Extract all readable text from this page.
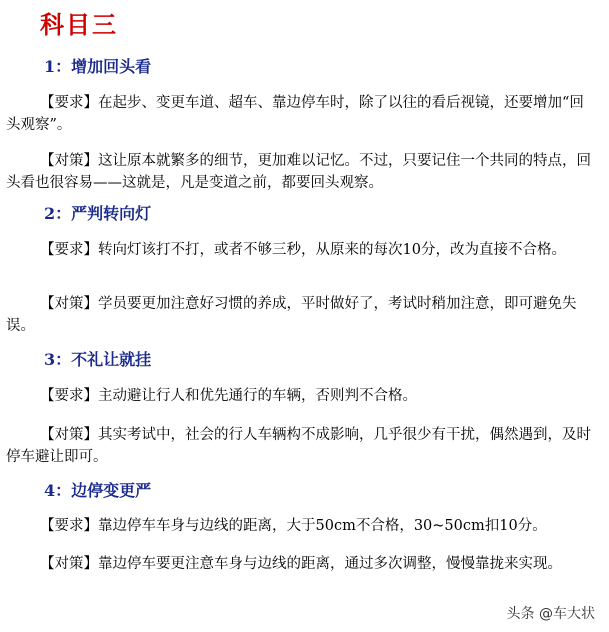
科目三
1：增加回头看
【要求】在起步、变更车道、超车、靠边停车时，除了以往的看后视镜，还要增加“回头观察”。
【对策】这让原本就繁多的细节，更加难以记忆。不过，只要记住一个共同的特点，回头看也很容易——这就是，凡是变道之前，都要回头观察。
2：严判转向灯
【要求】转向灯该打不打，或者不够三秒，从原来的每次10分，改为直接不合格。
【对策】学员要更加注意好习惯的养成，平时做好了，考试时稍加注意，即可避免失误。
3：不礼让就挂
【要求】主动避让行人和优先通行的车辆，否则判不合格。
【对策】其实考试中，社会的行人车辆构不成影响，几乎很少有干扰，偶然遇到，及时停车避让即可。
4：边停变更严
【要求】靠边停车车身与边线的距离，大于50cm不合格，30~50cm扣10分。
【对策】靠边停车要更注意车身与边线的距离，通过多次调整，慢慢靠拢来实现。
头条 @车大状
